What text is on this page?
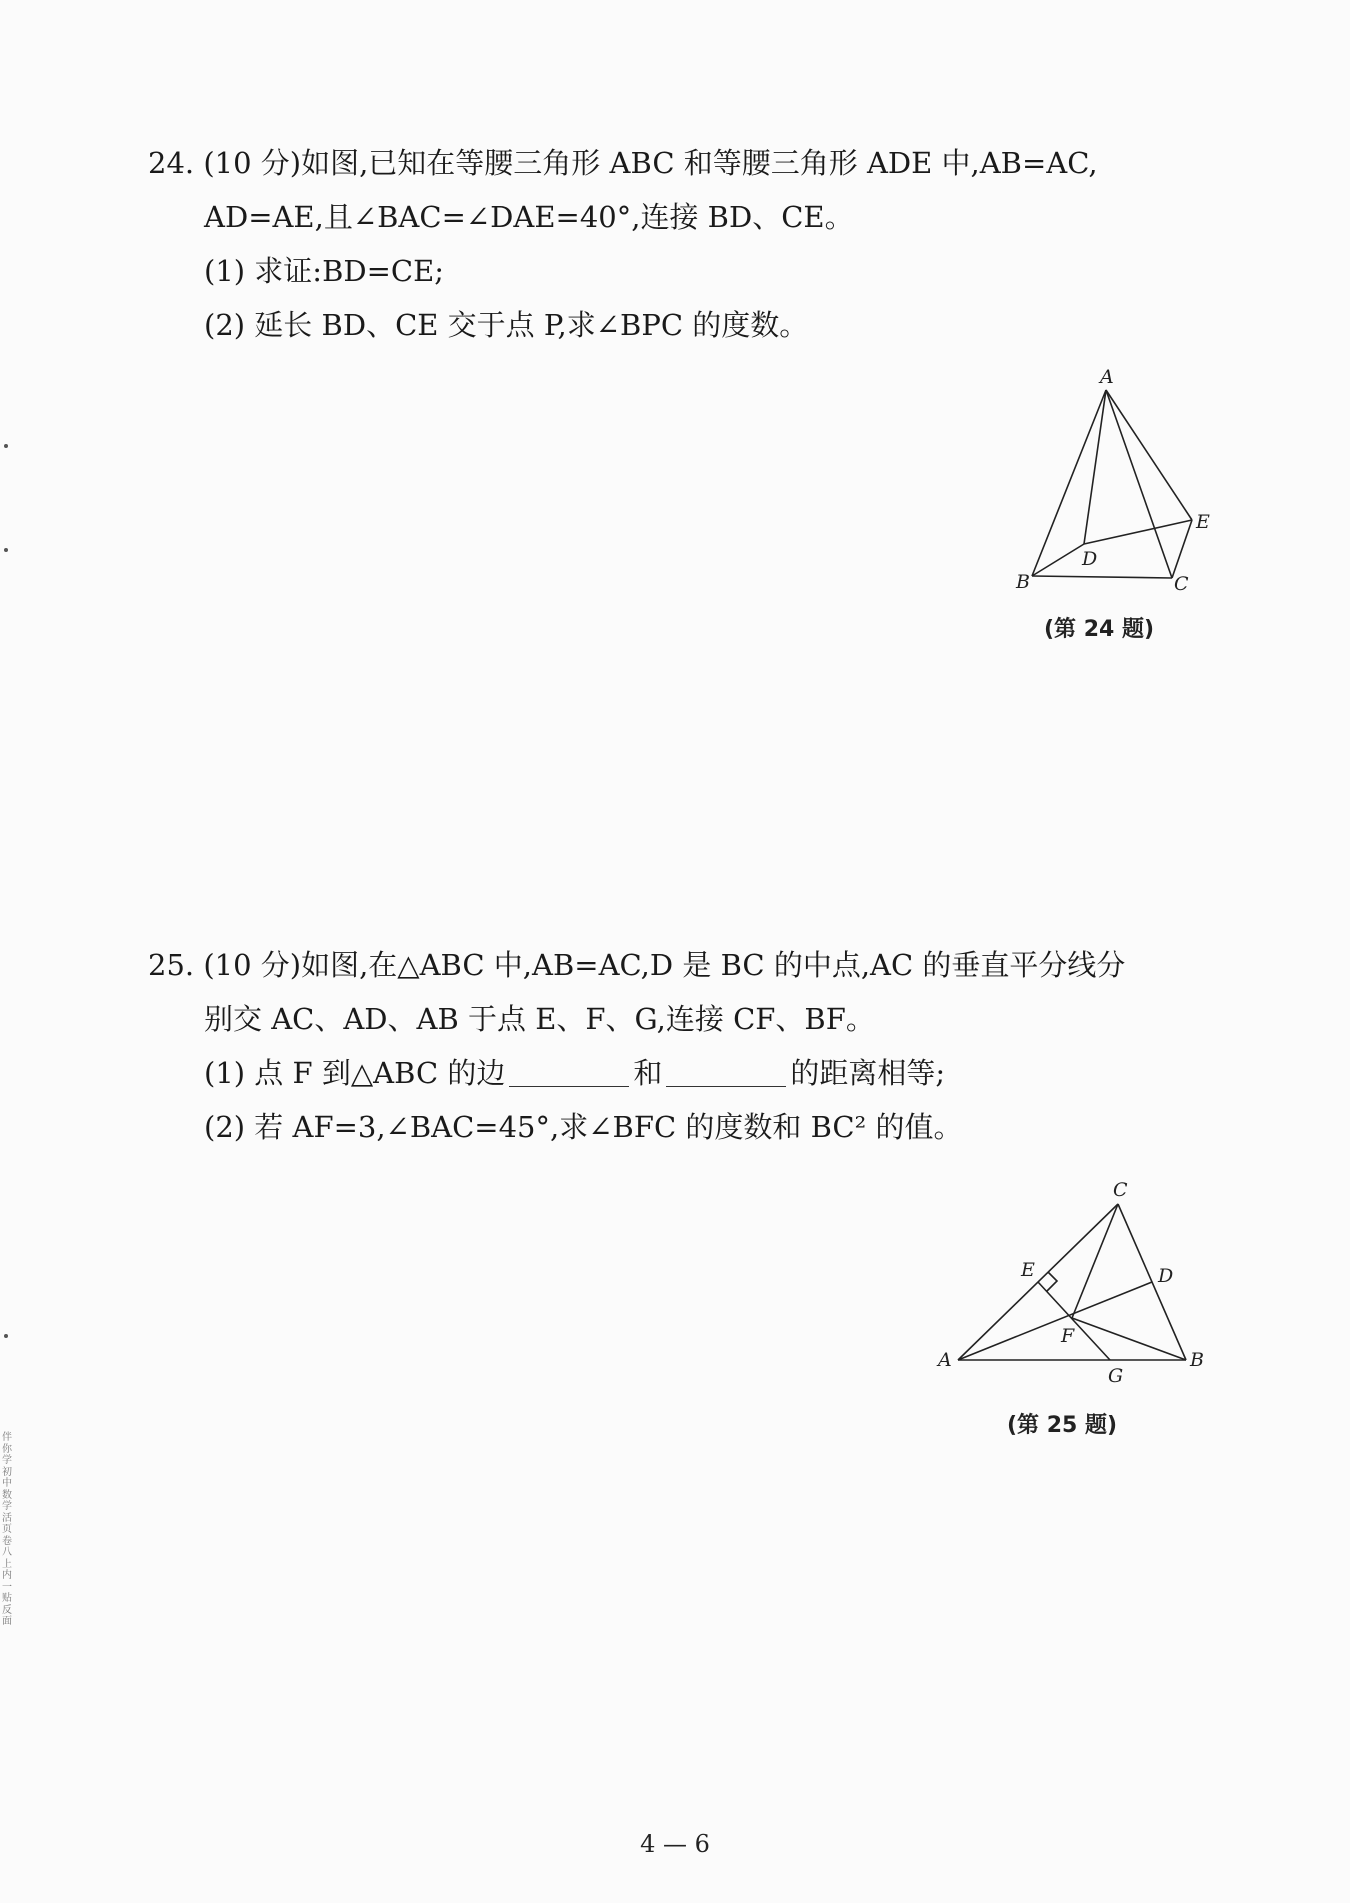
24. (10 分)如图,已知在等腰三角形 ABC 和等腰三角形 ADE 中,AB=AC,
AD=AE,且∠BAC=∠DAE=40°,连接 BD、CE。
(1) 求证:BD=CE;
(2) 延长 BD、CE 交于点 P,求∠BPC 的度数。
A
B	C
D
E
(第 24 题)
25. (10 分)如图,在△ABC 中,AB=AC,D 是 BC 的中点,AC 的垂直平分线分
别交 AC、AD、AB 于点 E、F、G,连接 CF、BF。
(1) 点 F 到△ABC 的边	和	的距离相等;
(2) 若 AF=3,∠BAC=45°,求∠BFC 的度数和 BC² 的值。
C
D
E
F
A	B
G
(第 25 题)
伴你学初中数学活页卷八上内一贴反面
4 — 6
